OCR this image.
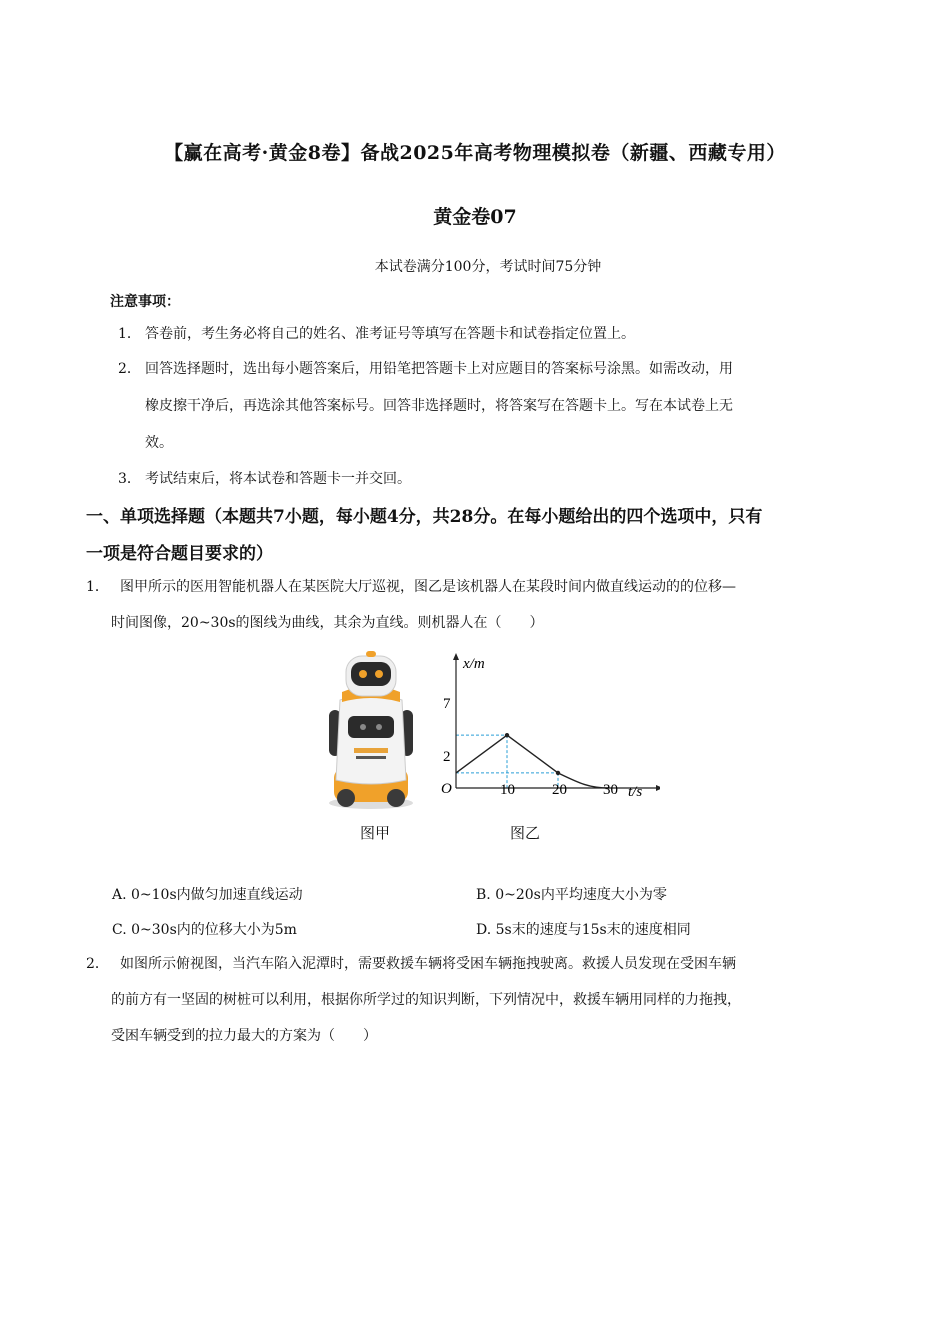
【赢在高考·黄金8卷】备战2025年高考物理模拟卷（新疆、西藏专用）
黄金卷07
本试卷满分100分，考试时间75分钟
注意事项：
1． 答卷前，考生务必将自己的姓名、准考证号等填写在答题卡和试卷指定位置上。
2． 回答选择题时，选出每小题答案后，用铅笔把答题卡上对应题目的答案标号涂黑。如需改动，用
橡皮擦干净后，再选涂其他答案标号。回答非选择题时，将答案写在答题卡上。写在本试卷上无
效。
3． 考试结束后，将本试卷和答题卡一并交回。
一、单项选择题（本题共7小题，每小题4分，共28分。在每小题给出的四个选项中，只有
一项是符合题目要求的）
1． 图甲所示的医用智能机器人在某医院大厅巡视，图乙是该机器人在某段时间内做直线运动的的位移—
时间图像，20~30s的图线为曲线，其余为直线。则机器人在（　　）
x/m
t/s
O
2
7
10 20 30
图甲	图乙
A. 0~10s内做匀加速直线运动	B. 0~20s内平均速度大小为零
C. 0~30s内的位移大小为5m	D. 5s末的速度与15s末的速度相同
2． 如图所示俯视图，当汽车陷入泥潭时，需要救援车辆将受困车辆拖拽驶离。救援人员发现在受困车辆
的前方有一坚固的树桩可以利用，根据你所学过的知识判断，下列情况中，救援车辆用同样的力拖拽，
受困车辆受到的拉力最大的方案为（　　）
